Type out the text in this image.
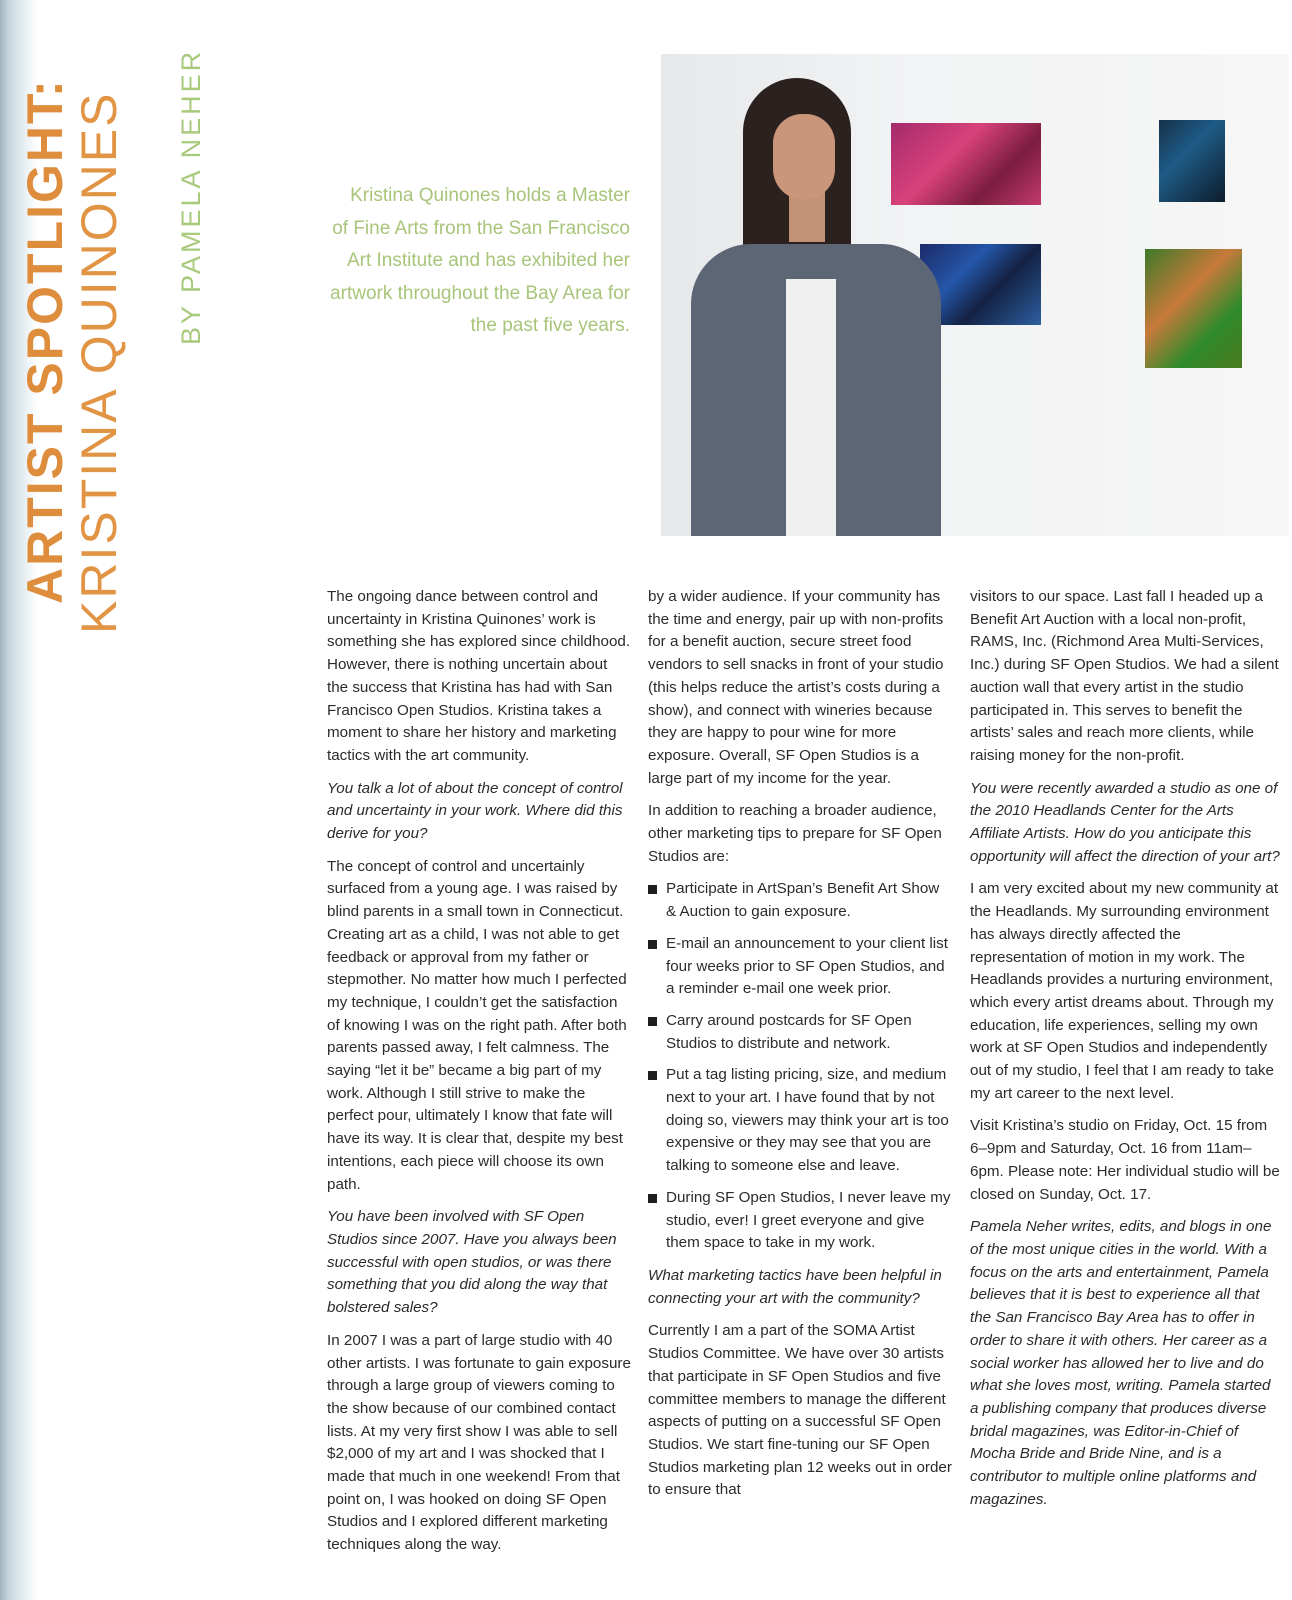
ARTIST SPOTLIGHT:
KRISTINA QUINONES BY PAMELA NEHER	Kristina Quinones holds a Master of Fine Arts from the San Francisco Art Institute and has exhibited her artwork throughout the Bay Area for the past five years.

The ongoing dance between control and uncertainty in Kristina Quinones’ work is something she has explored since childhood. However, there is nothing uncertain about the success that Kristina has had with San Francisco Open Studios. Kristina takes a moment to share her history and marketing tactics with the art community.

You talk a lot of about the concept of control and uncertainty in your work. Where did this derive for you?

The concept of control and uncertainly surfaced from a young age. I was raised by blind parents in a small town in Connecticut. Creating art as a child, I was not able to get feedback or approval from my father or stepmother. No matter how much I perfected my technique, I couldn’t get the satisfaction of knowing I was on the right path. After both parents passed away, I felt calmness. The saying “let it be” became a big part of my work. Although I still strive to make the perfect pour, ultimately I know that fate will have its way. It is clear that, despite my best intentions, each piece will choose its own path.

You have been involved with SF Open Studios since 2007. Have you always been successful with open studios, or was there something that you did along the way that bolstered sales?

In 2007 I was a part of large studio with 40 other artists. I was fortunate to gain exposure through a large group of viewers coming to the show because of our combined contact lists. At my very first show I was able to sell $2,000 of my art and I was shocked that I made that much in one weekend! From that point on, I was hooked on doing SF Open Studios and I explored different marketing techniques along the way.

by a wider audience. If your community has the time and energy, pair up with non-profits for a benefit auction, secure street food vendors to sell snacks in front of your studio (this helps reduce the artist’s costs during a show), and connect with wineries because they are happy to pour wine for more exposure. Overall, SF Open Studios is a large part of my income for the year.

In addition to reaching a broader audience, other marketing tips to prepare for SF Open Studios are:

Participate in ArtSpan’s Benefit Art Show & Auction to gain exposure.
E-mail an announcement to your client list four weeks prior to SF Open Studios, and a reminder e-mail one week prior.
Carry around postcards for SF Open Studios to distribute and network.
Put a tag listing pricing, size, and medium next to your art. I have found that by not doing so, viewers may think your art is too expensive or they may see that you are talking to someone else and leave.
During SF Open Studios, I never leave my studio, ever! I greet everyone and give them space to take in my work.

What marketing tactics have been helpful in connecting your art with the community?

Currently I am a part of the SOMA Artist Studios Committee. We have over 30 artists that participate in SF Open Studios and five committee members to manage the different aspects of putting on a successful SF Open Studios. We start fine-tuning our SF Open Studios marketing plan 12 weeks out in order to ensure that

visitors to our space. Last fall I headed up a Benefit Art Auction with a local non-profit, RAMS, Inc. (Richmond Area Multi-Services, Inc.) during SF Open Studios. We had a silent auction wall that every artist in the studio participated in. This serves to benefit the artists’ sales and reach more clients, while raising money for the non-profit.

You were recently awarded a studio as one of the 2010 Headlands Center for the Arts Affiliate Artists. How do you anticipate this opportunity will affect the direction of your art?

I am very excited about my new community at the Headlands. My surrounding environment has always directly affected the representation of motion in my work. The Headlands provides a nurturing environment, which every artist dreams about. Through my education, life experiences, selling my own work at SF Open Studios and independently out of my studio, I feel that I am ready to take my art career to the next level.

Visit Kristina’s studio on Friday, Oct. 15 from 6–9pm and Saturday, Oct. 16 from 11am–6pm. Please note: Her individual studio will be closed on Sunday, Oct. 17.

Pamela Neher writes, edits, and blogs in one of the most unique cities in the world. With a focus on the arts and entertainment, Pamela believes that it is best to experience all that the San Francisco Bay Area has to offer in order to share it with others. Her career as a social worker has allowed her to live and do what she loves most, writing. Pamela started a publishing company that produces diverse bridal magazines, was Editor-in-Chief of Mocha Bride and Bride Nine, and is a contributor to multiple online platforms and magazines.
